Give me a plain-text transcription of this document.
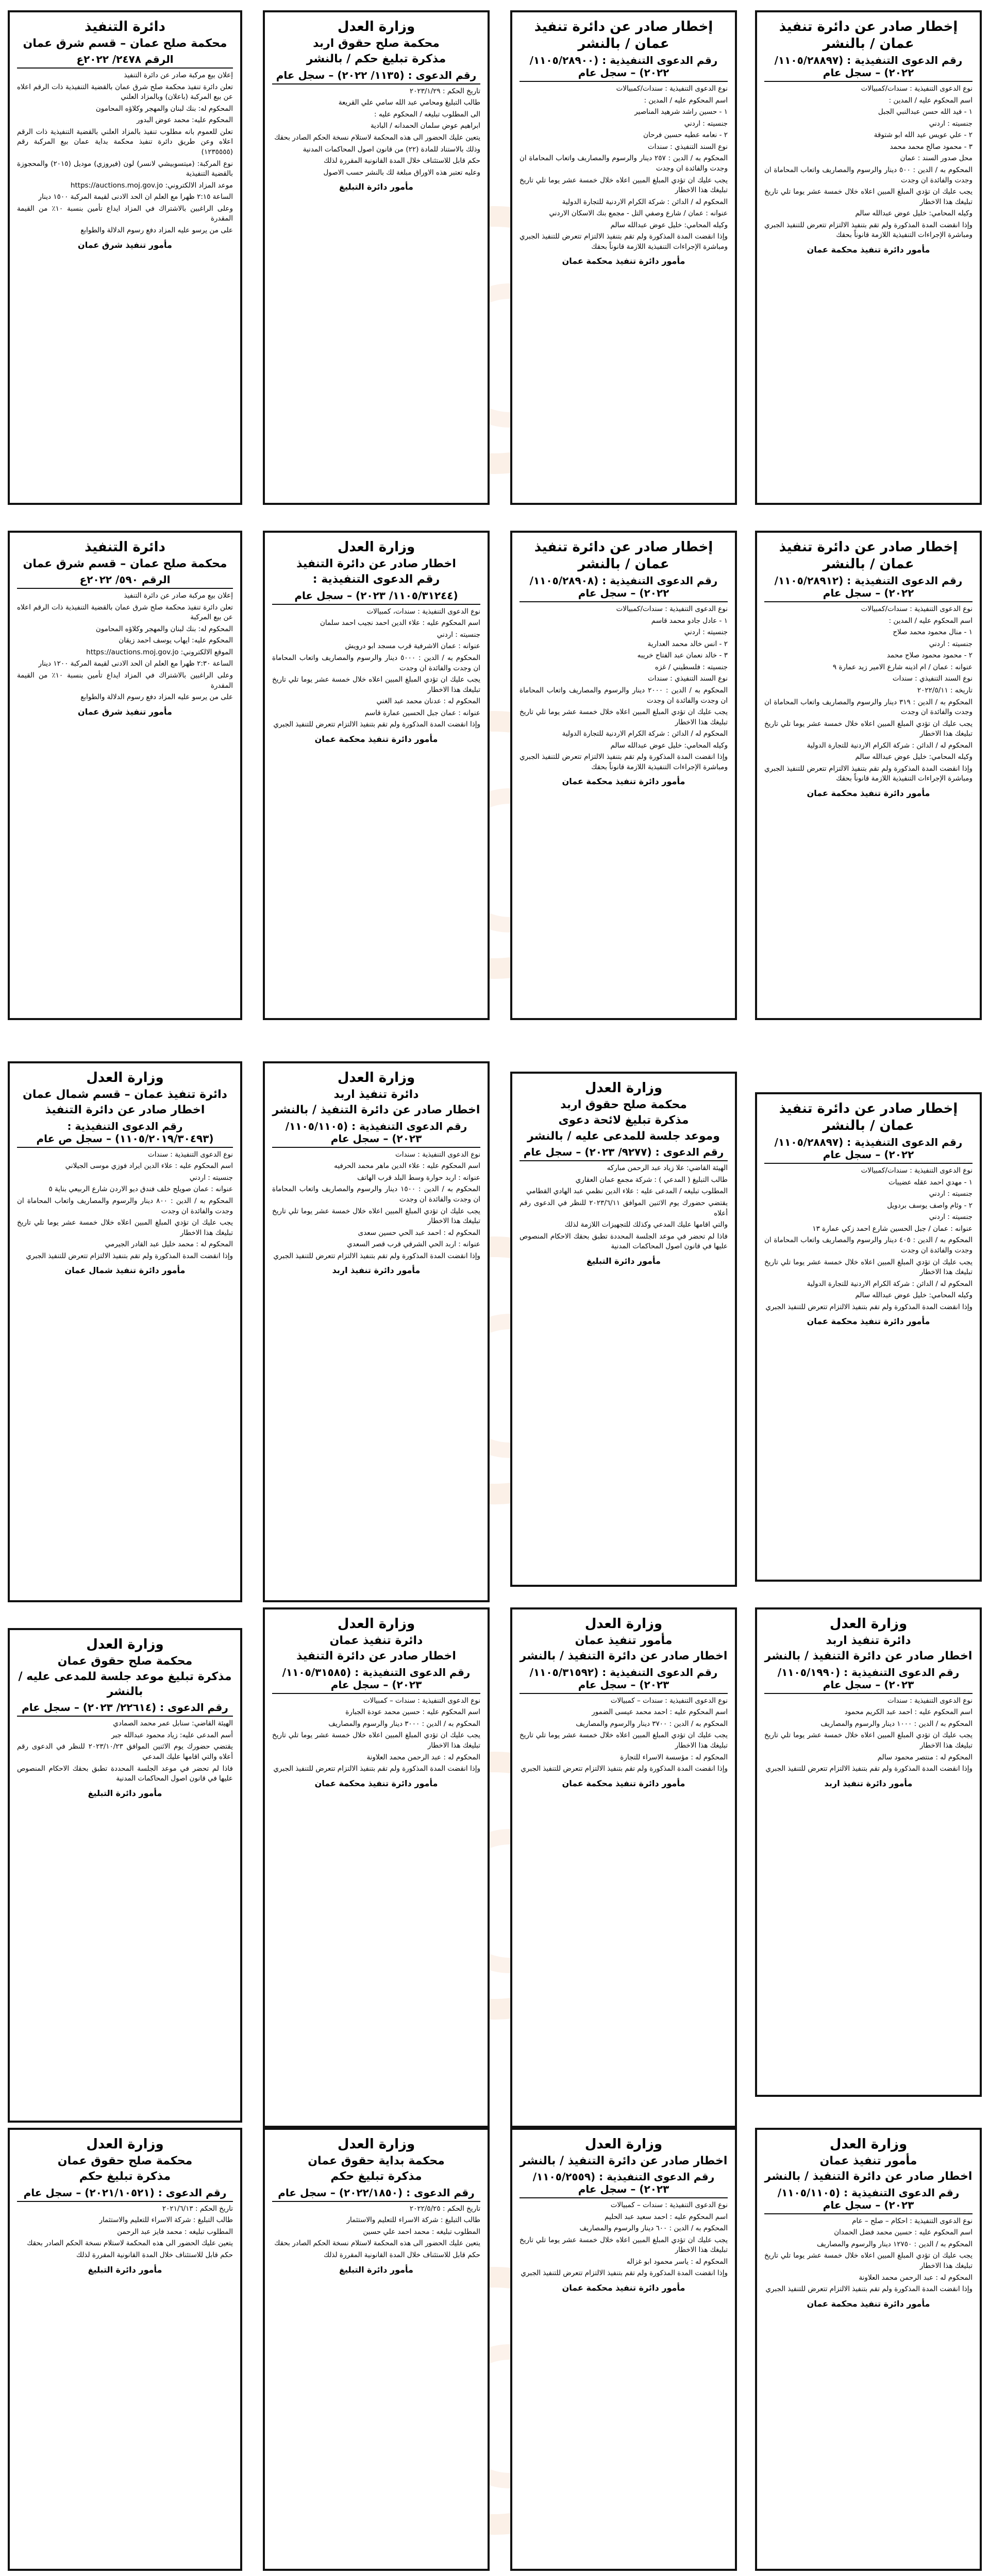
إخطار صادر عن دائرة تنفيذ عمان / بالنشر
رقم الدعوى التنفيذية : (١١٠٥/٢٨٨٩٧/ ٢٠٢٢) – سجل عام

نوع الدعوى التنفيذية : سندات/كمبيالات

اسم المحكوم عليه / المدين :

١ - فيد الله حسن عبدالنبي الجبل

جنسيته : اردني

٢ - علي عويس عيد الله ابو شتوقة

٣ - محمود صالح محمد محمد

محل صدور السند : عمان

المحكوم به / الدين : ٥٠٠ دينار والرسوم والمصاريف واتعاب المحاماة ان وجدت والفائدة ان وجدت

يجب عليك ان تؤدي المبلغ المبين اعلاه خلال خمسة عشر يوما تلي تاريخ تبليغك هذا الاخطار

وكيله المحامي: خليل عوض عبدالله سالم

وإذا انقضت المدة المذكورة ولم تقم بتنفيذ الالتزام تتعرض للتنفيذ الجبري ومباشرة الإجراءات التنفيذية اللازمة قانوناً بحقك

مأمور دائرة تنفيذ محكمة عمان
إخطار صادر عن دائرة تنفيذ عمان / بالنشر
رقم الدعوى التنفيذية : (١١٠٥/٢٨٩٠٠/ ٢٠٢٢) – سجل عام

نوع الدعوى التنفيذية : سندات/كمبيالات

اسم المحكوم عليه / المدين :

١ - حسين راشد شرهيد المناصير

جنسيته : اردني

٢ - نعامه عطيه حسين فرحان

نوع السند التنفيذي : سندات

المحكوم به / الدين : ٢٥٧ دينار والرسوم والمصاريف واتعاب المحاماة ان وجدت والفائدة ان وجدت

يجب عليك ان تؤدي المبلغ المبين اعلاه خلال خمسة عشر يوما تلي تاريخ تبليغك هذا الاخطار

المحكوم له / الدائن : شركة الكرام الاردنية للتجارة الدولية

عنوانه : عمان / شارع وصفي التل - مجمع بنك الاسكان الاردني

وكيله المحامي: خليل عوض عبدالله سالم

وإذا انقضت المدة المذكورة ولم تقم بتنفيذ الالتزام تتعرض للتنفيذ الجبري ومباشرة الإجراءات التنفيذية اللازمة قانوناً بحقك

مأمور دائرة تنفيذ محكمة عمان
وزارة العدل
محكمة صلح حقوق اربد
مذكرة تبليغ حكم / بالنشر
رقم الدعوى : (١١٣٥/ ٢٠٢٢) – سجل عام

تاريخ الحكم : ٢٠٢٣/١/٢٩

طالب التبليغ ومحامي عبد الله سامي علي القريعة

الى المطلوب تبليغه / المحكوم عليه :

ابراهيم عوض سلمان الحمدانه / البادية

يتعين عليك الحضور الى هذه المحكمة لاستلام نسخة الحكم الصادر بحقك

وذلك بالاستناد للمادة (٢٢) من قانون اصول المحاكمات المدنية

حكم قابل للاستئناف خلال المدة القانونية المقررة لذلك

وعليه تعتبر هذه الاوراق مبلغة لك بالنشر حسب الاصول

مأمور دائرة التبليغ
دائرة التنفيذ
محكمة صلح عمان – قسم شرق عمان
الرقم ٢٤٧٨/ ٢٠٢٢ع

إعلان بيع مركبة صادر عن دائرة التنفيذ

تعلن دائرة تنفيذ محكمة صلح شرق عمان بالقضية التنفيذية ذات الرقم اعلاه عن بيع المركبة (باعلان) وبالمزاد العلني

المحكوم له: بنك لبنان والمهجر وكلاؤه المحامون

المحكوم عليه: محمد عوض البدور

تعلن للعموم بانه مطلوب تنفيذ بالمزاد العلني بالقضية التنفيذية ذات الرقم اعلاه وعن طريق دائرة تنفيذ محكمة بداية عمان بيع المركبة رقم (١٢٣٥٥٥٥)

نوع المركبة: (ميتسوبيشي لانسر) لون (فيروزي) موديل (٢٠١٥) والمحجوزة بالقضية التنفيذية

موعد المزاد الالكتروني: https://auctions.moj.gov.jo

الساعة ٢:١٥ ظهرا مع العلم ان الحد الادنى لقيمة المركبة ١٥٠٠ دينار

وعلى الراغبين بالاشتراك في المزاد ايداع تأمين بنسبة ١٠٪ من القيمة المقدرة

على من يرسو عليه المزاد دفع رسوم الدلالة والطوابع

مأمور تنفيذ شرق عمان
إخطار صادر عن دائرة تنفيذ عمان / بالنشر
رقم الدعوى التنفيذية : (١١٠٥/٢٨٩١٢/ ٢٠٢٢) – سجل عام

نوع الدعوى التنفيذية : سندات/كمبيالات

اسم المحكوم عليه / المدين :

١ - منال محمود محمد صلاح

جنسيته : اردني

٢ - محمود محمود صلاح محمد

عنوانه : عمان / ام اذينه شارع الامير زيد عمارة ٩

نوع السند التنفيذي : سندات

تاريخه : ٢٠٢٢/٥/١١

المحكوم به / الدين : ٣١٩ دينار والرسوم والمصاريف واتعاب المحاماة ان وجدت والفائدة ان وجدت

يجب عليك ان تؤدي المبلغ المبين اعلاه خلال خمسة عشر يوما تلي تاريخ تبليغك هذا الاخطار

المحكوم له / الدائن : شركة الكرام الاردنية للتجارة الدولية

وكيله المحامي: خليل عوض عبدالله سالم

وإذا انقضت المدة المذكورة ولم تقم بتنفيذ الالتزام تتعرض للتنفيذ الجبري ومباشرة الإجراءات التنفيذية اللازمة قانوناً بحقك

مأمور دائرة تنفيذ محكمة عمان
إخطار صادر عن دائرة تنفيذ عمان / بالنشر
رقم الدعوى التنفيذية : (١١٠٥/٢٨٩٠٨/ ٢٠٢٢) – سجل عام

نوع الدعوى التنفيذية : سندات/كمبيالات

١ - عادل جادو محمد قاسم

جنسيته : اردني

٢ - انس خالد محمد العدارية

٣ - خالد نعمان عبد الفتاح خريبه

جنسيته : فلسطيني / غزه

نوع السند التنفيذي : سندات

المحكوم به / الدين : ٢٠٠٠ دينار والرسوم والمصاريف واتعاب المحاماة ان وجدت والفائدة ان وجدت

يجب عليك ان تؤدي المبلغ المبين اعلاه خلال خمسة عشر يوما تلي تاريخ تبليغك هذا الاخطار

المحكوم له / الدائن : شركة الكرام الاردنية للتجارة الدولية

وكيله المحامي: خليل عوض عبدالله سالم

وإذا انقضت المدة المذكورة ولم تقم بتنفيذ الالتزام تتعرض للتنفيذ الجبري ومباشرة الإجراءات التنفيذية اللازمة قانوناً بحقك

مأمور دائرة تنفيذ محكمة عمان
وزارة العدل
اخطار صادر عن دائرة التنفيذ
رقم الدعوى التنفيذية :
(١١٠٥/٣١٢٤٤/ ٢٠٢٣) – سجل عام

نوع الدعوى التنفيذية : سندات، كمبيالات

اسم المحكوم عليه : علاء الدين احمد نجيب احمد سلمان

جنسيته : اردني

عنوانه : عمان الاشرفية قرب مسجد ابو درويش

المحكوم به / الدين : ٥٠٠٠ دينار والرسوم والمصاريف واتعاب المحاماة ان وجدت والفائدة ان وجدت

يجب عليك ان تؤدي المبلغ المبين اعلاه خلال خمسة عشر يوما تلي تاريخ تبليغك هذا الاخطار

المحكوم له : عدنان محمد عبد الغني

عنوانه : عمان جبل الحسين عمارة قاسم

وإذا انقضت المدة المذكورة ولم تقم بتنفيذ الالتزام تتعرض للتنفيذ الجبري

مأمور دائرة تنفيذ محكمة عمان
دائرة التنفيذ
محكمة صلح عمان – قسم شرق عمان
الرقم ٥٩٠/ ٢٠٢٢ع

إعلان بيع مركبة صادر عن دائرة التنفيذ

تعلن دائرة تنفيذ محكمة صلح شرق عمان بالقضية التنفيذية ذات الرقم اعلاه عن بيع المركبة

المحكوم له: بنك لبنان والمهجر وكلاؤه المحامون

المحكوم عليه: ايهاب يوسف احمد زيقان

الموقع الالكتروني: https://auctions.moj.gov.jo

الساعة ٢:٣٠ ظهرا مع العلم ان الحد الادنى لقيمة المركبة ١٢٠٠ دينار

وعلى الراغبين بالاشتراك في المزاد ايداع تأمين بنسبة ١٠٪ من القيمة المقدرة

على من يرسو عليه المزاد دفع رسوم الدلالة والطوابع

مأمور تنفيذ شرق عمان
إخطار صادر عن دائرة تنفيذ عمان / بالنشر
رقم الدعوى التنفيذية : (١١٠٥/٢٨٨٩٧/ ٢٠٢٢) – سجل عام

نوع الدعوى التنفيذية : سندات/كمبيالات

١ - مهدي احمد عقله عضيبات

جنسيته : اردني

٢ - وئام واصف يوسف بردويل

جنسيته : اردني

عنوانه : عمان / جبل الحسين شارع احمد زكي عمارة ١٣

المحكوم به / الدين : ٤٠٥ دينار والرسوم والمصاريف واتعاب المحاماة ان وجدت والفائدة ان وجدت

يجب عليك ان تؤدي المبلغ المبين اعلاه خلال خمسة عشر يوما تلي تاريخ تبليغك هذا الاخطار

المحكوم له / الدائن : شركة الكرام الاردنية للتجارة الدولية

وكيله المحامي: خليل عوض عبدالله سالم

وإذا انقضت المدة المذكورة ولم تقم بتنفيذ الالتزام تتعرض للتنفيذ الجبري

مأمور دائرة تنفيذ محكمة عمان
وزارة العدل
محكمة صلح حقوق اربد
مذكرة تبليغ لائحة دعوى
وموعد جلسة للمدعى عليه / بالنشر
رقم الدعوى : (٩٢٧٧/ ٢٠٢٣) – سجل عام

الهيئة القاضي: علا زياد عبد الرحمن مباركه

طالب التبليغ ( المدعي ) : شركة مجمع عمان العقاري

المطلوب تبليغه / المدعى عليه : علاء الدين نظمي عبد الهادي القطامي

يقتضي حضورك يوم الاثنين الموافق ٢٠٢٣/٦/١١ للنظر في الدعوى رقم أعلاه

والتي اقامها عليك المدعي وكذلك للتجهيزات اللازمة لذلك

فاذا لم تحضر في موعد الجلسة المحددة تطبق بحقك الاحكام المنصوص عليها في قانون اصول المحاكمات المدنية

مأمور دائرة التبليغ
وزارة العدل
دائرة تنفيذ اربد
اخطار صادر عن دائرة التنفيذ / بالنشر
رقم الدعوى التنفيذية : (١١٠٥/١١٠٥/ ٢٠٢٣) – سجل عام

نوع الدعوى التنفيذية : سندات

اسم المحكوم عليه : علاء الدين ماهر محمد الحرفيه

عنوانه : اربد حوارة وسط البلد قرب الهاتف

المحكوم به / الدين : ١٥٠٠ دينار والرسوم والمصاريف واتعاب المحاماة ان وجدت والفائدة ان وجدت

يجب عليك ان تؤدي المبلغ المبين اعلاه خلال خمسة عشر يوما تلي تاريخ تبليغك هذا الاخطار

المحكوم له : احمد عبد الحي حسين سعدى

عنوانه : اربد الحي الشرقي قرب قصر السعدي

وإذا انقضت المدة المذكورة ولم تقم بتنفيذ الالتزام تتعرض للتنفيذ الجبري

مأمور دائرة تنفيذ اربد
وزارة العدل
دائرة تنفيذ عمان – قسم شمال عمان
اخطار صادر عن دائرة التنفيذ
رقم الدعوى التنفيذية : (١١٠٥/٢٠١٩/٣٠٤٩٣) – سجل ص عام

نوع الدعوى التنفيذية : سندات

اسم المحكوم عليه : علاء الدين ايراد فوزي موسى الجيلاني

جنسيته : اردني

عنوانه : عمان صويلح خلف فندق ديو الاردن شارع الربيعي بناية ٥

المحكوم به / الدين : ٨٠٠ دينار والرسوم والمصاريف واتعاب المحاماة ان وجدت والفائدة ان وجدت

يجب عليك ان تؤدي المبلغ المبين اعلاه خلال خمسة عشر يوما تلي تاريخ تبليغك هذا الاخطار

المحكوم له : محمد خليل عبد القادر الجيرمي

وإذا انقضت المدة المذكورة ولم تقم بتنفيذ الالتزام تتعرض للتنفيذ الجبري

مأمور دائرة تنفيذ شمال عمان
وزارة العدل
دائرة تنفيذ اربد
اخطار صادر عن دائرة التنفيذ / بالنشر
رقم الدعوى التنفيذية : (١١٠٥/١٩٩٠/ ٢٠٢٣) – سجل عام

نوع الدعوى التنفيذية : سندات

اسم المحكوم عليه : احمد عبد الكريم محمود

المحكوم به / الدين : ١٠٠٠ دينار والرسوم والمصاريف

يجب عليك ان تؤدي المبلغ المبين اعلاه خلال خمسة عشر يوما تلي تاريخ تبليغك هذا الاخطار

المحكوم له : منتصر محمود سالم

وإذا انقضت المدة المذكورة ولم تقم بتنفيذ الالتزام تتعرض للتنفيذ الجبري

مأمور دائرة تنفيذ اربد
وزارة العدل
مأمور تنفيذ عمان
اخطار صادر عن دائرة التنفيذ / بالنشر
رقم الدعوى التنفيذية : (١١٠٥/٣١٥٩٢/ ٢٠٢٣) – سجل عام

نوع الدعوى التنفيذية : سندات – كمبيالات

اسم المحكوم عليه : احمد محمد عيسى الضمور

المحكوم به / الدين : ٣٧٠٠ دينار والرسوم والمصاريف

يجب عليك ان تؤدي المبلغ المبين اعلاه خلال خمسة عشر يوما تلي تاريخ تبليغك هذا الاخطار

المحكوم له : مؤسسة الاسراء للتجارة

وإذا انقضت المدة المذكورة ولم تقم بتنفيذ الالتزام تتعرض للتنفيذ الجبري

مأمور دائرة تنفيذ محكمة عمان
وزارة العدل
دائرة تنفيذ عمان
اخطار صادر عن دائرة التنفيذ
رقم الدعوى التنفيذية : (١١٠٥/٣١٥٨٥/ ٢٠٢٣) – سجل عام

نوع الدعوى التنفيذية : سندات – كمبيالات

اسم المحكوم عليه : حسين محمد عودة الجبارة

المحكوم به / الدين : ٣٠٠٠ دينار والرسوم والمصاريف

يجب عليك ان تؤدي المبلغ المبين اعلاه خلال خمسة عشر يوما تلي تاريخ تبليغك هذا الاخطار

المحكوم له : عبد الرحمن محمد العلاونة

وإذا انقضت المدة المذكورة ولم تقم بتنفيذ الالتزام تتعرض للتنفيذ الجبري

مأمور دائرة تنفيذ محكمة عمان
وزارة العدل
محكمة صلح حقوق عمان
مذكرة تبليغ موعد جلسة للمدعى عليه / بالنشر
رقم الدعوى : (٢٢٦١٤/ ٢٠٢٣) – سجل عام

الهيئة القاضي: سنابل عمر محمد الصمادي

أسم المدعى عليه: زياد محمود عبدالله جبر

يقتضي حضورك يوم الاثنين الموافق ٢٠٢٣/١٠/٢٣ للنظر في الدعوى رقم أعلاه والتي اقامها عليك المدعي

فاذا لم تحضر في موعد الجلسة المحددة تطبق بحقك الاحكام المنصوص عليها في قانون اصول المحاكمات المدنية

مأمور دائرة التبليغ
وزارة العدل
مأمور تنفيذ عمان
اخطار صادر عن دائرة التنفيذ / بالنشر
رقم الدعوى التنفيذية : (١١٠٥/١١٠٥/ ٢٠٢٣) – سجل عام

نوع الدعوى التنفيذية : احكام – صلح – عام

اسم المحكوم عليه : حسين محمد فضل الحمدان

المحكوم به / الدين : ١٢٧٥٠ دينار والرسوم والمصاريف

يجب عليك ان تؤدي المبلغ المبين اعلاه خلال خمسة عشر يوما تلي تاريخ تبليغك هذا الاخطار

المحكوم له : عبد الرحمن محمد العلاونة

وإذا انقضت المدة المذكورة ولم تقم بتنفيذ الالتزام تتعرض للتنفيذ الجبري

مأمور دائرة تنفيذ محكمة عمان
وزارة العدل
اخطار صادر عن دائرة التنفيذ / بالنشر
رقم الدعوى التنفيذية : (١١٠٥/٢٥٥٩/ ٢٠٢٣) – سجل عام

نوع الدعوى التنفيذية : سندات – كمبيالات

اسم المحكوم عليه : احمد سعيد عبد الحليم

المحكوم به / الدين : ٦٠٠ دينار والرسوم والمصاريف

يجب عليك ان تؤدي المبلغ المبين اعلاه خلال خمسة عشر يوما تلي تاريخ تبليغك هذا الاخطار

المحكوم له : ياسر محمود ابو غزاله

وإذا انقضت المدة المذكورة ولم تقم بتنفيذ الالتزام تتعرض للتنفيذ الجبري

مأمور دائرة تنفيذ محكمة عمان
وزارة العدل
محكمة بداية حقوق عمان
مذكرة تبليغ حكم
رقم الدعوى : (٢٠٢٢/١٨٥٠) – سجل عام

تاريخ الحكم : ٢٠٢٢/٥/٢٥

طالب التبليغ : شركة الاسراء للتعليم والاستثمار

المطلوب تبليغه : محمد احمد علي حسين

يتعين عليك الحضور الى هذه المحكمة لاستلام نسخة الحكم الصادر بحقك

حكم قابل للاستئناف خلال المدة القانونية المقررة لذلك

مأمور دائرة التبليغ
وزارة العدل
محكمة صلح حقوق عمان
مذكرة تبليغ حكم
رقم الدعوى : (٢٠٢١/١٠٥٢١) – سجل عام

تاريخ الحكم : ٢٠٢١/٦/١٣

طالب التبليغ : شركة الاسراء للتعليم والاستثمار

المطلوب تبليغه : محمد فايز عبد الرحمن

يتعين عليك الحضور الى هذه المحكمة لاستلام نسخة الحكم الصادر بحقك

حكم قابل للاستئناف خلال المدة القانونية المقررة لذلك

مأمور دائرة التبليغ
